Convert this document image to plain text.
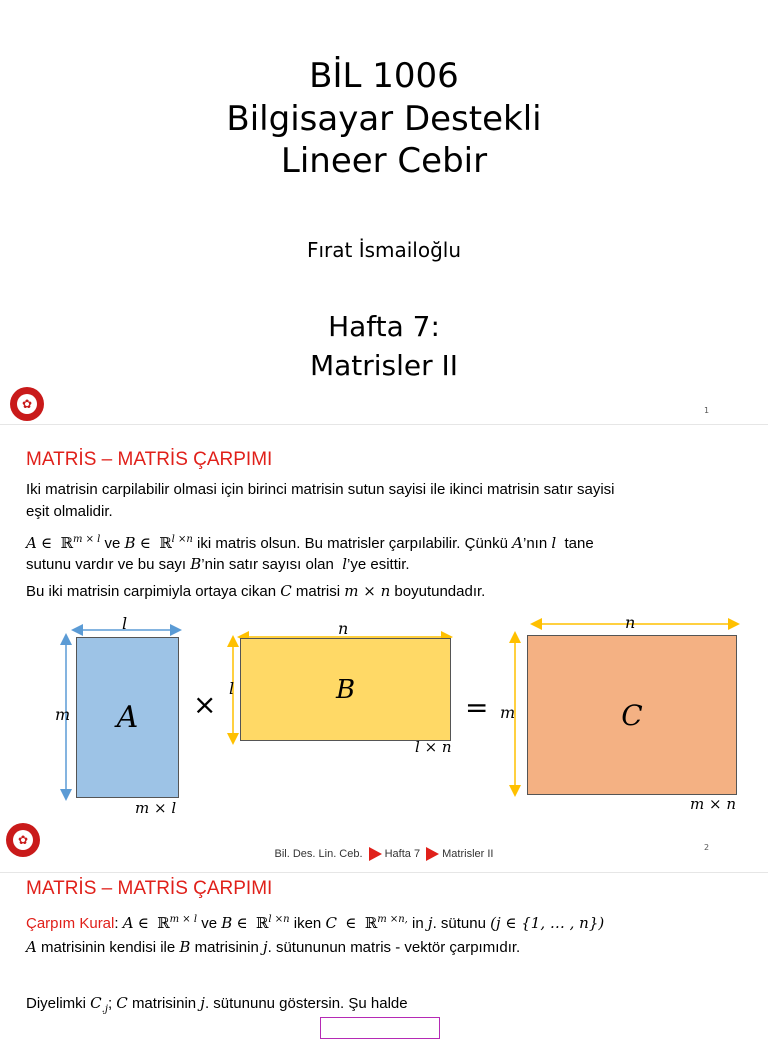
BİL 1006
Bilgisayar Destekli
Lineer Cebir
Fırat İsmailoğlu
Hafta 7:
Matrisler II
✿	1
MATRİS – MATRİS ÇARPIMI
Iki matrisin carpilabilir olmasi için birinci matrisin sutun sayisi ile ikinci matrisin satır sayisi
eşit olmalidir.
A ∈ ℝ$^{m \times l}$ ve B ∈ ℝ$^{l \times n}$ iki matris olsun. Bu matrisler çarpılabilir. Çünkü A’nın l tane
sutunu vardır ve bu sayı B’nin satır sayısı olan l’ye esittir.
Bu iki matrisin carpimiyla ortaya cikan C matrisi m × n boyutundadır.
A
B
C
×	=
l
m
m × l
n
l
l × n
n
m
m × n
✿
Bil. Des. Lin. Ceb. Hafta 7 Matrisler II
2
MATRİS – MATRİS ÇARPIMI
Çarpım Kural: A ∈ ℝ$^{m \times l}$ ve B ∈ ℝ$^{l \times n}$ iken C ∈ ℝ$^{m \times n,}$ in j. sütunu (j ∈ {1, … , n})
A matrisinin kendisi ile B matrisinin j. sütununun matris - vektör çarpımıdır.
Diyelimki $C_{.j}$; C matrisinin j. sütununu göstersin. Şu halde
